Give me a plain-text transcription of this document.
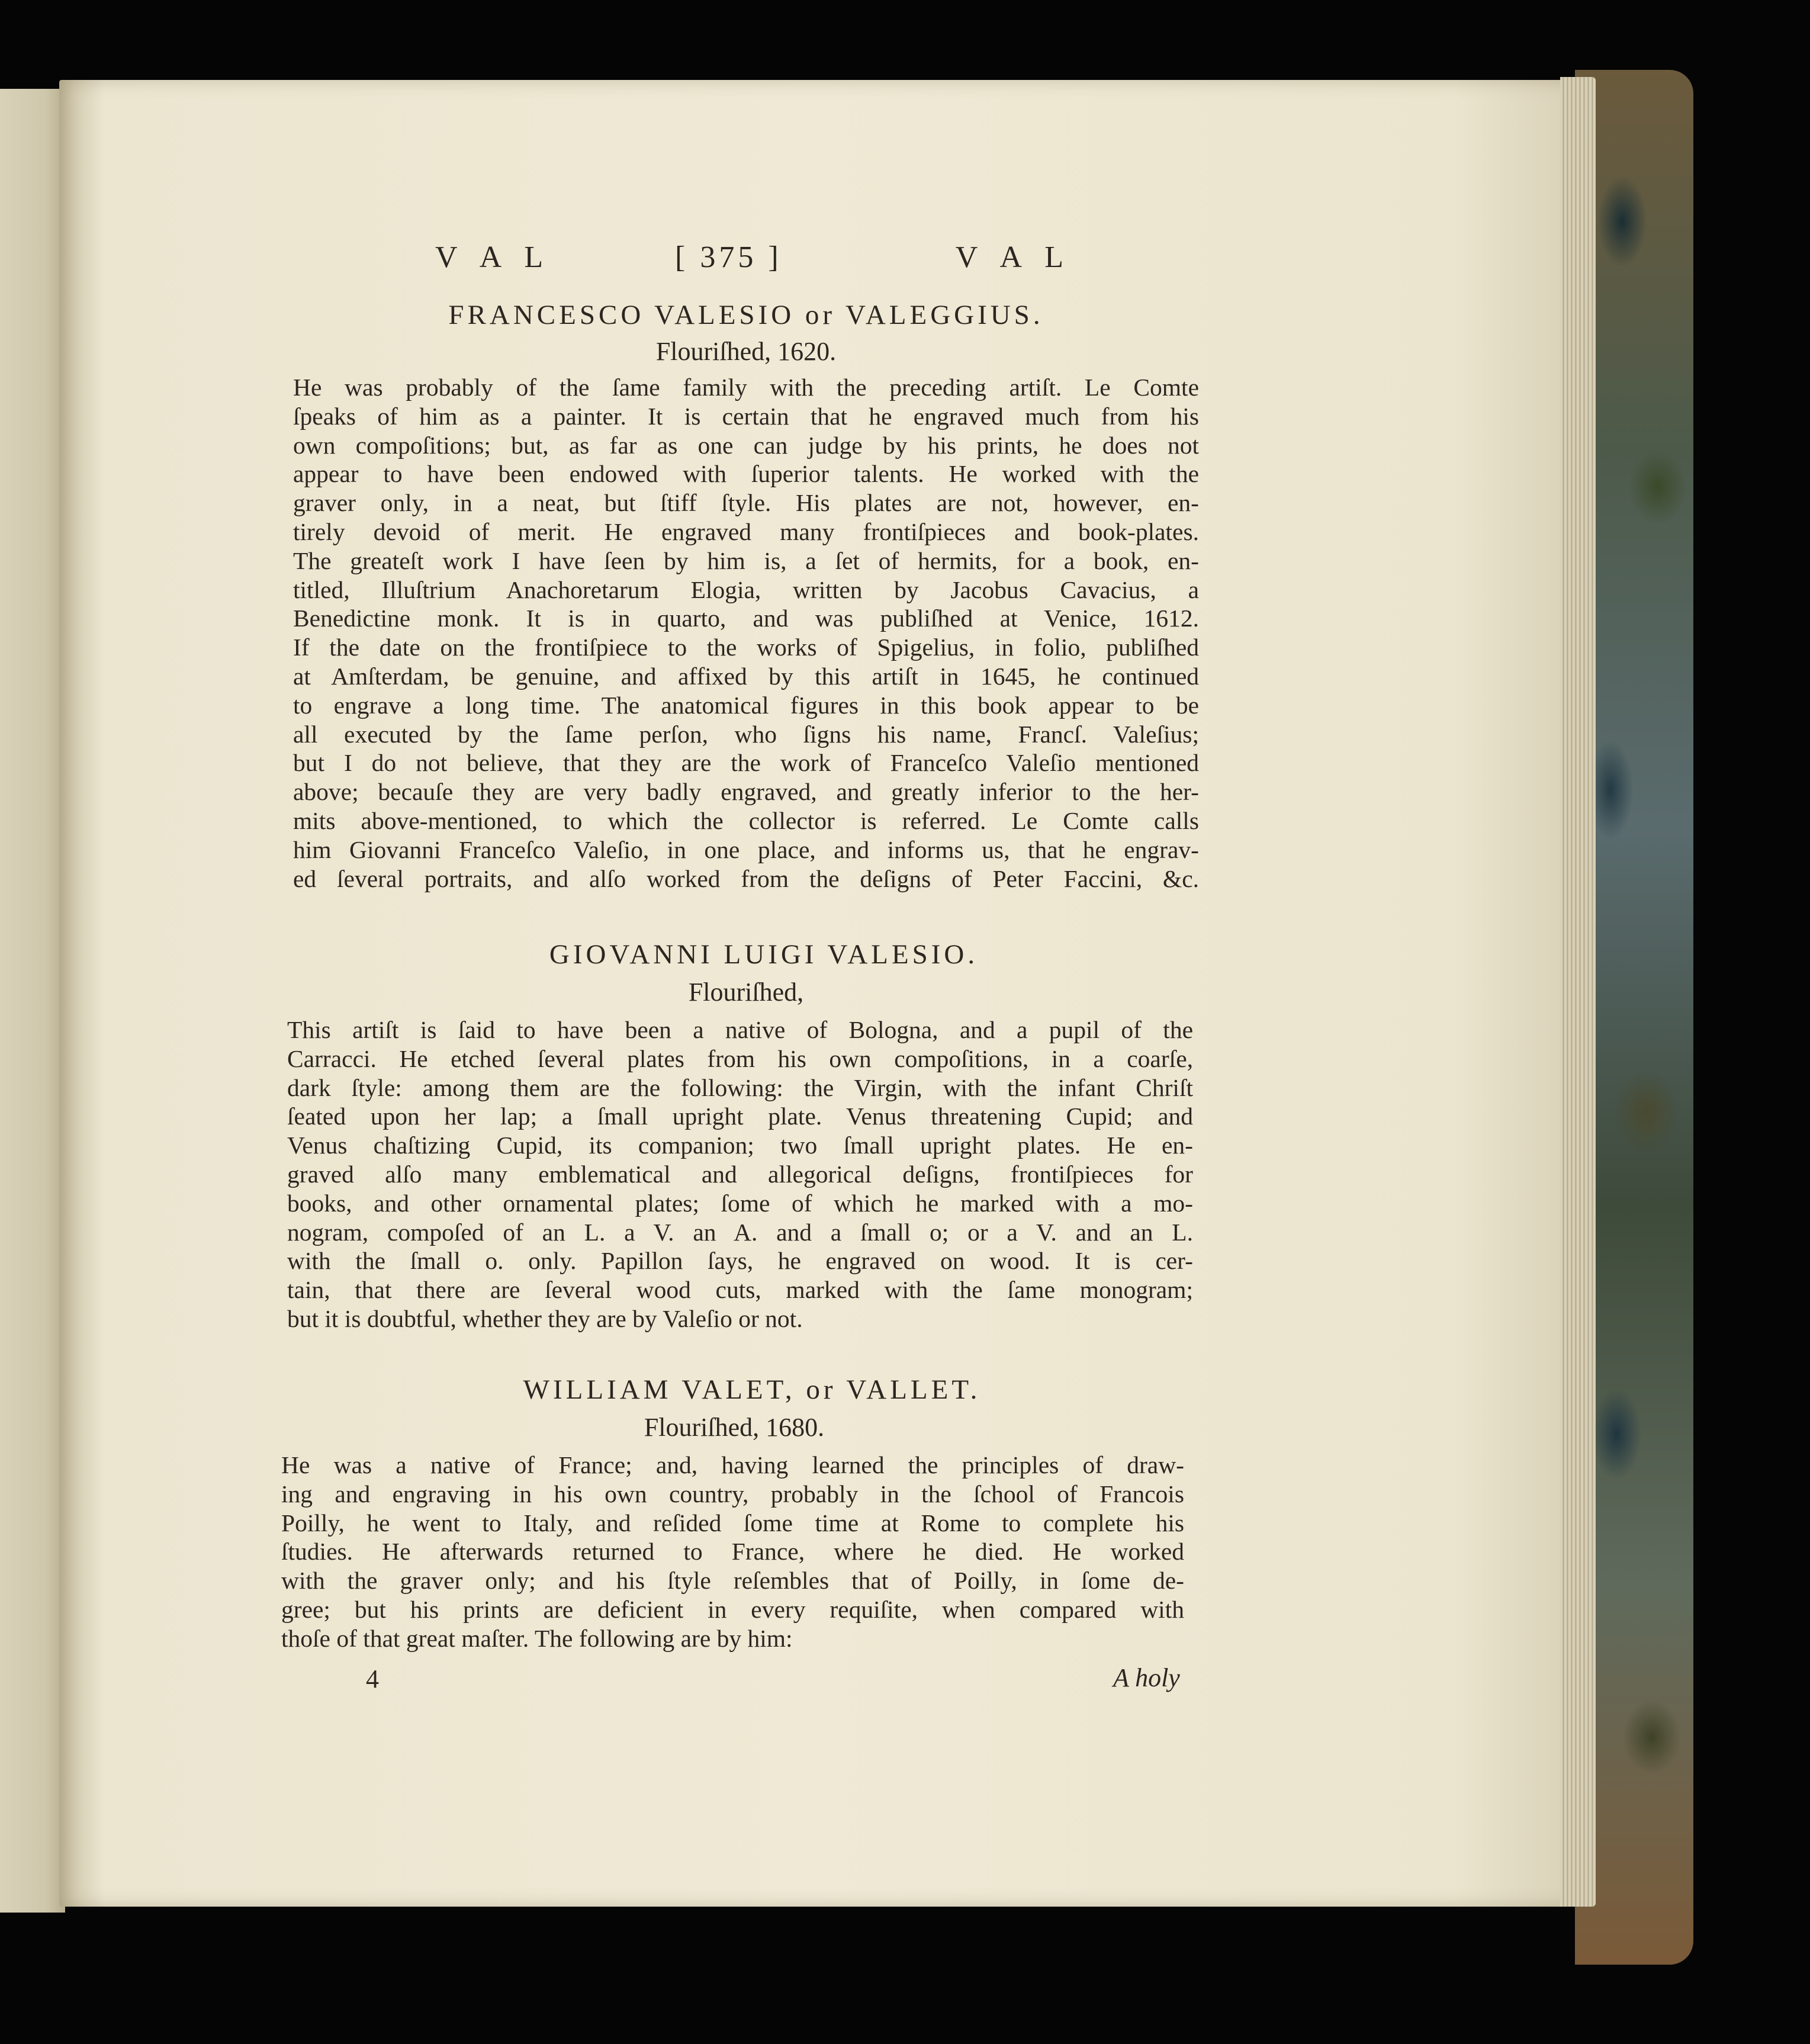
V A L	[ 375 ]	V A L
FRANCESCO VALESIO or VALEGGIUS.
Flouriſhed, 1620.
He was probably of the ſame family with the preceding artiſt. Le Comte
ſpeaks of him as a painter. It is certain that he engraved much from his
own compoſitions; but, as far as one can judge by his prints, he does not
appear to have been endowed with ſuperior talents. He worked with the
graver only, in a neat, but ſtiff ſtyle. His plates are not, however, en-
tirely devoid of merit. He engraved many frontiſpieces and book-plates.
The greateſt work I have ſeen by him is, a ſet of hermits, for a book, en-
titled, Illuſtrium Anachoretarum Elogia, written by Jacobus Cavacius, a
Benedictine monk. It is in quarto, and was publiſhed at Venice, 1612.
If the date on the frontiſpiece to the works of Spigelius, in folio, publiſhed
at Amſterdam, be genuine, and affixed by this artiſt in 1645, he continued
to engrave a long time. The anatomical figures in this book appear to be
all executed by the ſame perſon, who ſigns his name, Francſ. Valeſius;
but I do not believe, that they are the work of Franceſco Valeſio mentioned
above; becauſe they are very badly engraved, and greatly inferior to the her-
mits above-mentioned, to which the collector is referred. Le Comte calls
him Giovanni Franceſco Valeſio, in one place, and informs us, that he engrav-
ed ſeveral portraits, and alſo worked from the deſigns of Peter Faccini, &c.
GIOVANNI LUIGI VALESIO.
Flouriſhed,
This artiſt is ſaid to have been a native of Bologna, and a pupil of the
Carracci. He etched ſeveral plates from his own compoſitions, in a coarſe,
dark ſtyle: among them are the following: the Virgin, with the infant Chriſt
ſeated upon her lap; a ſmall upright plate. Venus threatening Cupid; and
Venus chaſtizing Cupid, its companion; two ſmall upright plates. He en-
graved alſo many emblematical and allegorical deſigns, frontiſpieces for
books, and other ornamental plates; ſome of which he marked with a mo-
nogram, compoſed of an L. a V. an A. and a ſmall o; or a V. and an L.
with the ſmall o. only. Papillon ſays, he engraved on wood. It is cer-
tain, that there are ſeveral wood cuts, marked with the ſame monogram;
but it is doubtful, whether they are by Valeſio or not.
WILLIAM VALET, or VALLET.
Flouriſhed, 1680.
He was a native of France; and, having learned the principles of draw-
ing and engraving in his own country, probably in the ſchool of Francois
Poilly, he went to Italy, and reſided ſome time at Rome to complete his
ſtudies. He afterwards returned to France, where he died. He worked
with the graver only; and his ſtyle reſembles that of Poilly, in ſome de-
gree; but his prints are deficient in every requiſite, when compared with
thoſe of that great maſter. The following are by him:
4	A holy
